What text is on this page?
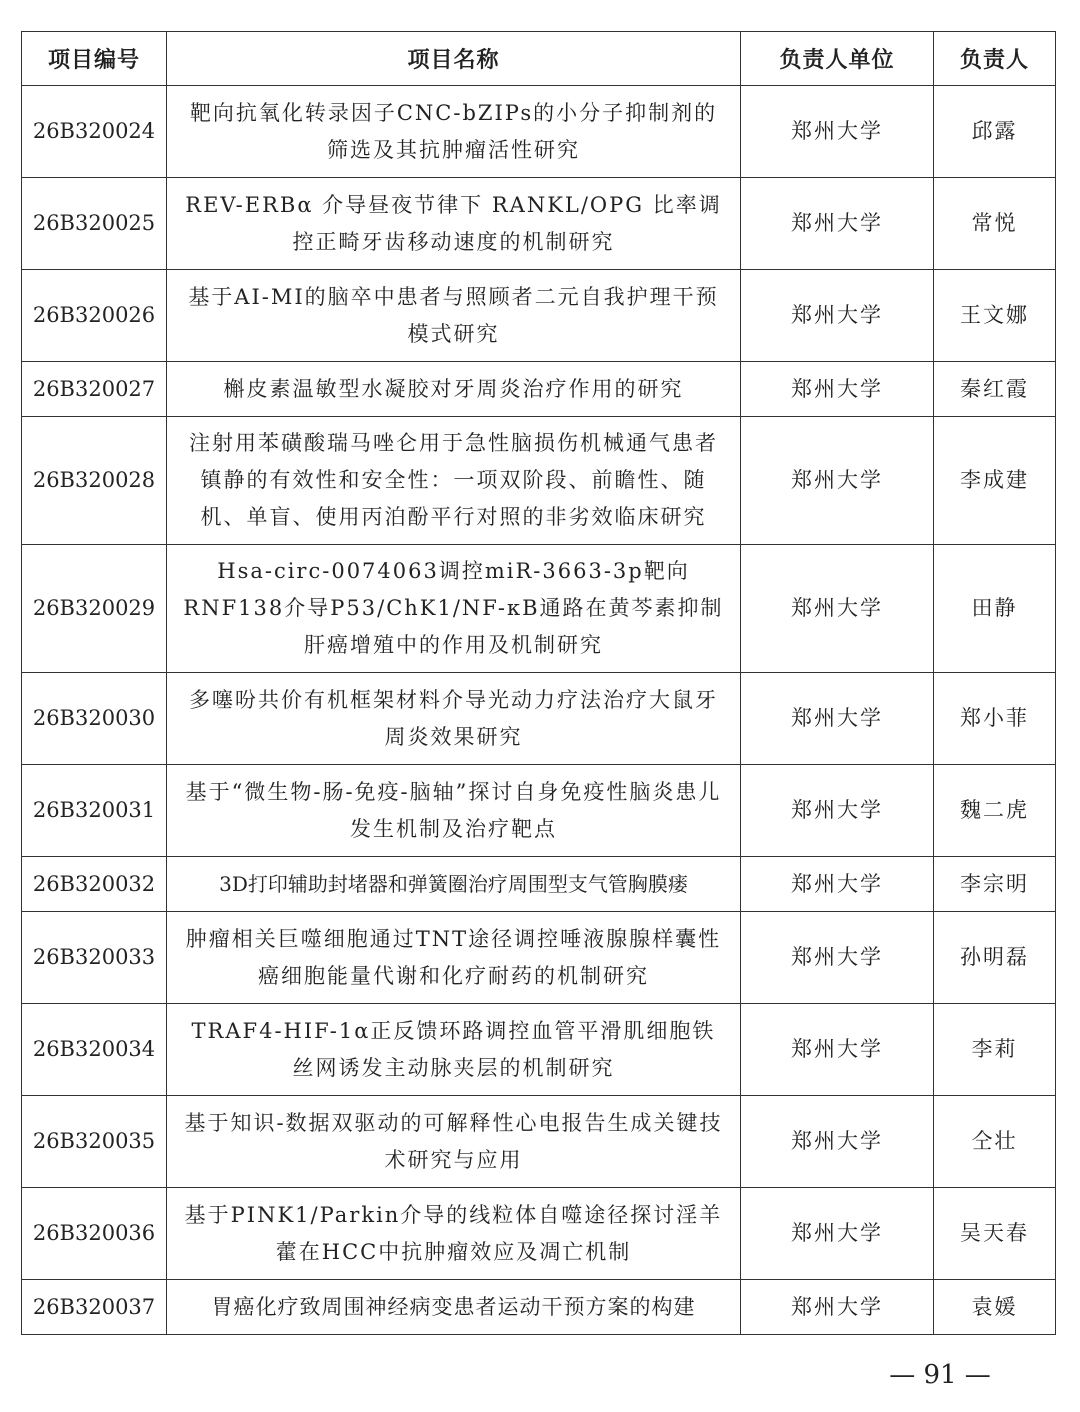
项目编号	项目名称	负责人单位	负责人
26B320024	靶向抗氧化转录因子CNC-bZIPs的小分子抑制剂的筛选及其抗肿瘤活性研究	郑州大学	邱露
26B320025	REV-ERBα 介导昼夜节律下 RANKL/OPG 比率调控正畸牙齿移动速度的机制研究	郑州大学	常悦
26B320026	基于AI-MI的脑卒中患者与照顾者二元自我护理干预模式研究	郑州大学	王文娜
26B320027	槲皮素温敏型水凝胶对牙周炎治疗作用的研究	郑州大学	秦红霞
26B320028	注射用苯磺酸瑞马唑仑用于急性脑损伤机械通气患者镇静的有效性和安全性：一项双阶段、前瞻性、随机、单盲、使用丙泊酚平行对照的非劣效临床研究	郑州大学	李成建
26B320029	Hsa-circ-0074063调控miR-3663-3p靶向RNF138介导P53/ChK1/NF-κB通路在黄芩素抑制肝癌增殖中的作用及机制研究	郑州大学	田静
26B320030	多噻吩共价有机框架材料介导光动力疗法治疗大鼠牙周炎效果研究	郑州大学	郑小菲
26B320031	基于“微生物-肠-免疫-脑轴”探讨自身免疫性脑炎患儿发生机制及治疗靶点	郑州大学	魏二虎
26B320032	3D打印辅助封堵器和弹簧圈治疗周围型支气管胸膜瘘	郑州大学	李宗明
26B320033	肿瘤相关巨噬细胞通过TNT途径调控唾液腺腺样囊性癌细胞能量代谢和化疗耐药的机制研究	郑州大学	孙明磊
26B320034	TRAF4-HIF-1α正反馈环路调控血管平滑肌细胞铁丝网诱发主动脉夹层的机制研究	郑州大学	李莉
26B320035	基于知识-数据双驱动的可解释性心电报告生成关键技术研究与应用	郑州大学	仝壮
26B320036	基于PINK1/Parkin介导的线粒体自噬途径探讨淫羊藿在HCC中抗肿瘤效应及凋亡机制	郑州大学	吴天春
26B320037	胃癌化疗致周围神经病变患者运动干预方案的构建	郑州大学	袁媛
— 91 —
